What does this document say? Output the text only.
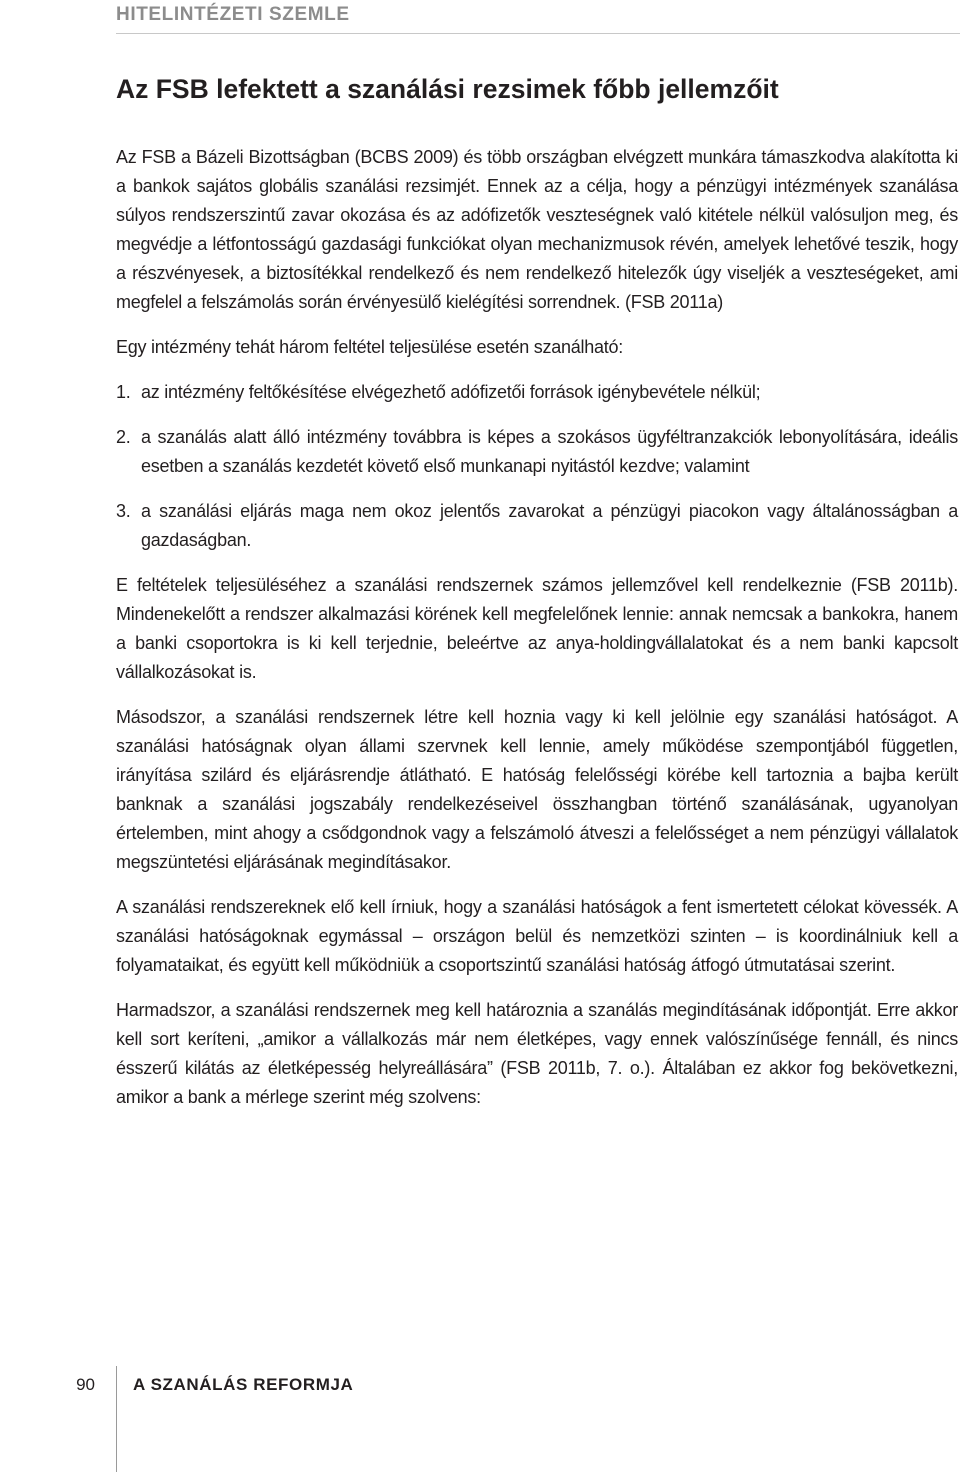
HITELINTÉZETI SZEMLE
Az FSB lefektett a szanálási rezsimek főbb jellemzőit

Az FSB a Bázeli Bizottságban (BCBS 2009) és több országban elvégzett munkára támaszkodva alakította ki a bankok sajátos globális szanálási rezsimjét. Ennek az a célja, hogy a pénzügyi intézmények szanálása súlyos rendszerszintű zavar okozása és az adófizetők veszteségnek való kitétele nélkül valósuljon meg, és megvédje a létfontosságú gazdasági funkciókat olyan mechanizmusok révén, amelyek lehetővé teszik, hogy a részvényesek, a biztosítékkal rendelkező és nem rendelkező hitelezők úgy viseljék a veszteségeket, ami megfelel a felszámolás során érvényesülő kielégítési sorrendnek. (FSB 2011a)

Egy intézmény tehát három feltétel teljesülése esetén szanálható:

1. az intézmény feltőkésítése elvégezhető adófizetői források igénybevétele nélkül;
2. a szanálás alatt álló intézmény továbbra is képes a szokásos ügyféltranzakciók lebonyolítására, ideális esetben a szanálás kezdetét követő első munkanapi nyitástól kezdve; valamint
3. a szanálási eljárás maga nem okoz jelentős zavarokat a pénzügyi piacokon vagy általánosságban a gazdaságban.

E feltételek teljesüléséhez a szanálási rendszernek számos jellemzővel kell rendelkeznie (FSB 2011b). Mindenekelőtt a rendszer alkalmazási körének kell megfelelőnek lennie: annak nemcsak a bankokra, hanem a banki csoportokra is ki kell terjednie, beleértve az anya-holdingvállalatokat és a nem banki kapcsolt vállalkozásokat is.

Másodszor, a szanálási rendszernek létre kell hoznia vagy ki kell jelölnie egy szanálási hatóságot. A szanálási hatóságnak olyan állami szervnek kell lennie, amely működése szempontjából független, irányítása szilárd és eljárásrendje átlátható. E hatóság felelősségi körébe kell tartoznia a bajba került banknak a szanálási jogszabály rendelkezéseivel összhangban történő szanálásának, ugyanolyan értelemben, mint ahogy a csődgondnok vagy a felszámoló átveszi a felelősséget a nem pénzügyi vállalatok megszüntetési eljárásának megindításakor.

A szanálási rendszereknek elő kell írniuk, hogy a szanálási hatóságok a fent ismertetett célokat kövessék. A szanálási hatóságoknak egymással – országon belül és nemzetközi szinten – is koordinálniuk kell a folyamataikat, és együtt kell működniük a csoportszintű szanálási hatóság átfogó útmutatásai szerint.

Harmadszor, a szanálási rendszernek meg kell határoznia a szanálás megindításának időpontját. Erre akkor kell sort keríteni, „amikor a vállalkozás már nem életképes, vagy ennek valószínűsége fennáll, és nincs ésszerű kilátás az életképesség helyreállására” (FSB 2011b, 7. o.). Általában ez akkor fog bekövetkezni, amikor a bank a mérlege szerint még szolvens:

90 A SZANÁLÁS REFORMJA
